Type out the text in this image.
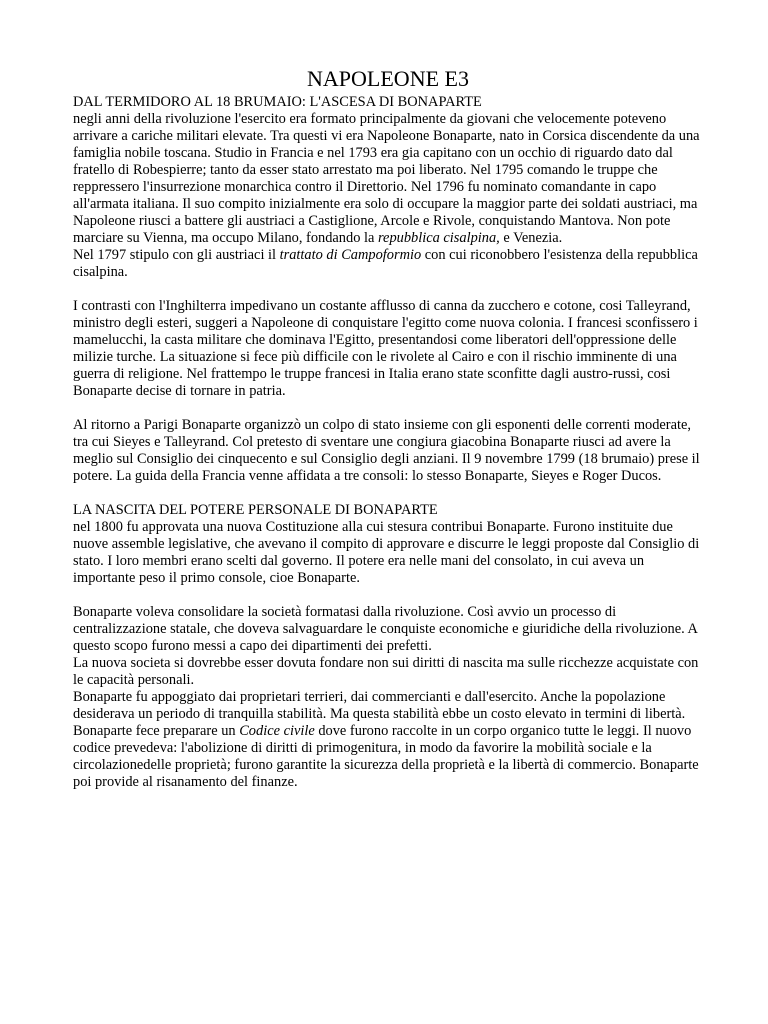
NAPOLEONE E3

DAL TERMIDORO AL 18 BRUMAIO: L'ASCESA DI BONAPARTE

negli anni della rivoluzione l'esercito era formato principalmente da giovani che velocemente poteveno arrivare a cariche militari elevate. Tra questi vi era Napoleone Bonaparte, nato in Corsica discendente da una famiglia nobile toscana. Studio in Francia e nel 1793 era gia capitano con un occhio di riguardo dato dal fratello di Robespierre; tanto da esser stato arrestato ma poi liberato. Nel 1795 comando le truppe che reppressero l'insurrezione monarchica contro il Direttorio. Nel 1796 fu nominato comandante in capo all'armata italiana. Il suo compito inizialmente era solo di occupare la maggior parte dei soldati austriaci, ma Napoleone riusci a battere gli austriaci a Castiglione, Arcole e Rivole, conquistando Mantova. Non pote marciare su Vienna, ma occupo Milano, fondando la repubblica cisalpina, e Venezia.

Nel 1797 stipulo con gli austriaci il trattato di Campoformio con cui riconobbero l'esistenza della repubblica cisalpina.

I contrasti con l'Inghilterra impedivano un costante afflusso di canna da zucchero e cotone, cosi Talleyrand, ministro degli esteri, suggeri a Napoleone di conquistare l'egitto come nuova colonia. I francesi sconfissero i mamelucchi, la casta militare che dominava l'Egitto, presentandosi come liberatori dell'oppressione delle milizie turche. La situazione si fece più difficile con le rivolete al Cairo e con il rischio imminente di una guerra di religione. Nel frattempo le truppe francesi in Italia erano state sconfitte dagli austro-russi, cosi Bonaparte decise di tornare in patria.

Al ritorno a Parigi Bonaparte organizzò un colpo di stato insieme con gli esponenti delle correnti moderate, tra cui Sieyes e Talleyrand. Col pretesto di sventare une congiura giacobina Bonaparte riusci ad avere la meglio sul Consiglio dei cinquecento e sul Consiglio degli anziani. Il 9 novembre 1799 (18 brumaio) prese il potere. La guida della Francia venne affidata a tre consoli: lo stesso Bonaparte, Sieyes e Roger Ducos.

LA NASCITA DEL POTERE PERSONALE DI BONAPARTE

nel 1800 fu approvata una nuova Costituzione alla cui stesura contribui Bonaparte. Furono instituite due nuove assemble legislative, che avevano il compito di approvare e discurre le leggi proposte dal Consiglio di stato. I loro membri erano scelti dal governo. Il potere era nelle mani del consolato, in cui aveva un importante peso il primo console, cioe Bonaparte.

Bonaparte voleva consolidare la società formatasi dalla rivoluzione. Così avvio un processo di centralizzazione statale, che doveva salvaguardare le conquiste economiche e giuridiche della rivoluzione. A questo scopo furono messi a capo dei dipartimenti dei prefetti.

La nuova societa si dovrebbe esser dovuta fondare non sui diritti di nascita ma sulle ricchezze acquistate con le capacità personali.

Bonaparte fu appoggiato dai proprietari terrieri, dai commercianti e dall'esercito. Anche la popolazione desiderava un periodo di tranquilla stabilità. Ma questa stabilità ebbe un costo elevato in termini di libertà.

Bonaparte fece preparare un Codice civile dove furono raccolte in un corpo organico tutte le leggi. Il nuovo codice prevedeva: l'abolizione di diritti di primogenitura, in modo da favorire la mobilità sociale e la circolazionedelle proprietà; furono garantite la sicurezza della proprietà e la libertà di commercio. Bonaparte poi provide al risanamento del finanze.
